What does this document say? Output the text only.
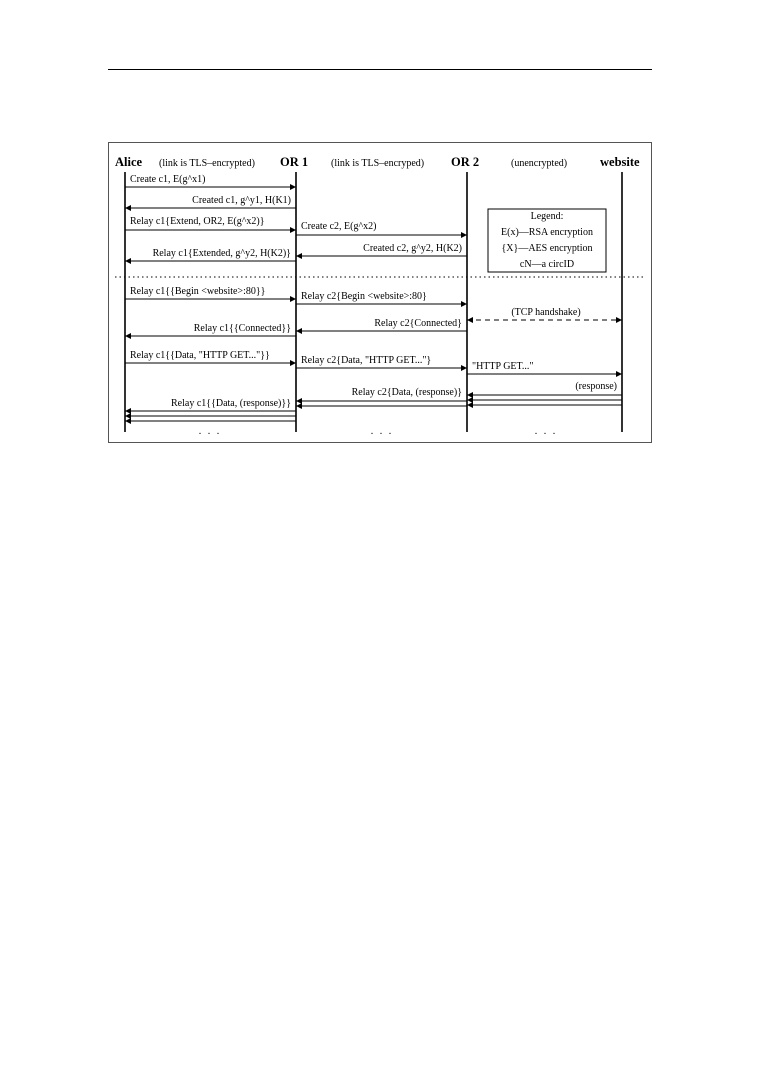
Alice (link is TLS–encrypted) OR 1 (link is TLS–encryped) OR 2	(unencrypted)	website
Legend:
E(x)––RSA encryption
{X}––AES encryption
cN––a circID
Create c1, E(g^x1)
Created c1, g^y1, H(K1)
Relay c1{Extend, OR2, E(g^x2)}	Create c2, E(g^x2)
Created c2, g^y2, H(K2)
Relay c1{Extended, g^y2, H(K2)}
Relay c1{{Begin <website>:80}}	Relay c2{Begin <website>:80}
(TCP handshake)
Relay c2{Connected}
Relay c1{{Connected}}
Relay c1{{Data, "HTTP GET..."}}	Relay c2{Data, "HTTP GET..."}
"HTTP GET..."
(response)
Relay c2{Data, (response)}
Relay c1{{Data, (response)}}
. . .	. . .	. . .
